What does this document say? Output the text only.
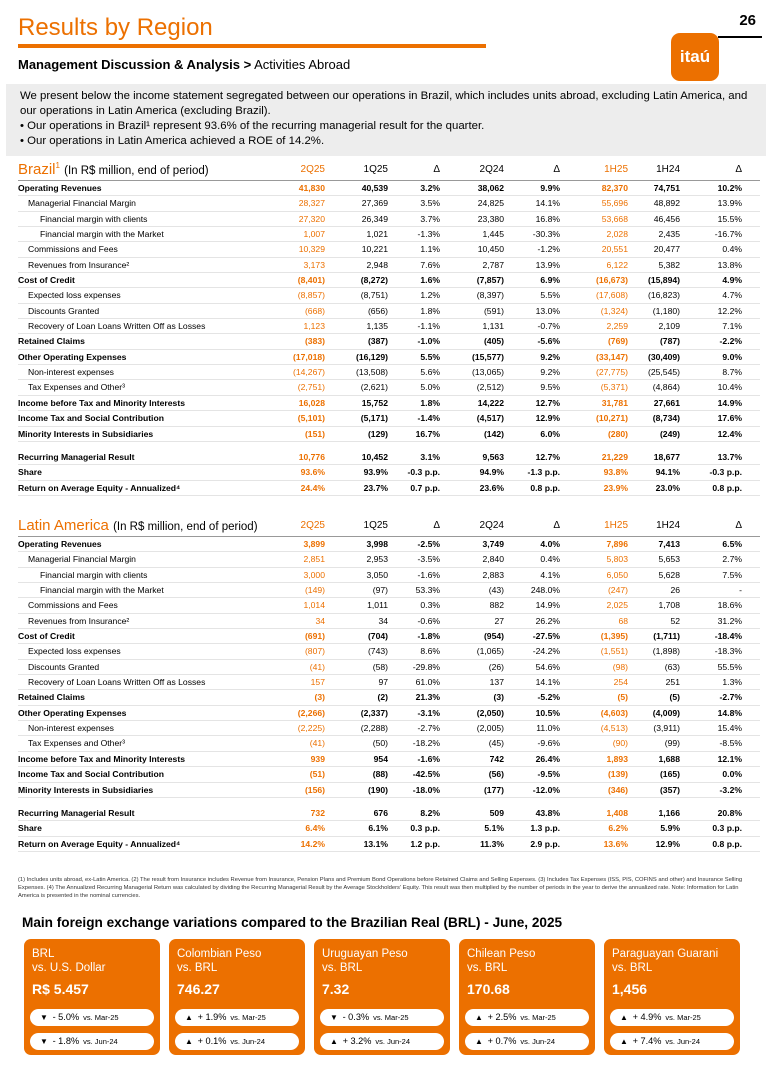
Results by Region	26
itaú
Management Discussion & Analysis > Activities Abroad
We present below the income statement segregated between our operations in Brazil, which includes units abroad, excluding Latin America, and our operations in Latin America (excluding Brazil).
• Our operations in Brazil¹ represent 93.6% of the recurring managerial result for the quarter.
• Our operations in Latin America achieved a ROE of 14.2%.
Brazil$^1$ (In R$ million, end of period)	2Q25	1Q25	Δ	2Q24	Δ	1H25	1H24	Δ
Operating Revenues	41,830	40,539	3.2%	38,062	9.9%	82,370	74,751	10.2%
Managerial Financial Margin	28,327	27,369	3.5%	24,825	14.1%	55,696	48,892	13.9%
Financial margin with clients	27,320	26,349	3.7%	23,380	16.8%	53,668	46,456	15.5%
Financial margin with the Market	1,007	1,021	-1.3%	1,445	-30.3%	2,028	2,435	-16.7%
Commissions and Fees	10,329	10,221	1.1%	10,450	-1.2%	20,551	20,477	0.4%
Revenues from Insurance²	3,173	2,948	7.6%	2,787	13.9%	6,122	5,382	13.8%
Cost of Credit	(8,401)	(8,272)	1.6%	(7,857)	6.9%	(16,673)	(15,894)	4.9%
Expected loss expenses	(8,857)	(8,751)	1.2%	(8,397)	5.5%	(17,608)	(16,823)	4.7%
Discounts Granted	(668)	(656)	1.8%	(591)	13.0%	(1,324)	(1,180)	12.2%
Recovery of Loan Loans Written Off as Losses	1,123	1,135	-1.1%	1,131	-0.7%	2,259	2,109	7.1%
Retained Claims	(383)	(387)	-1.0%	(405)	-5.6%	(769)	(787)	-2.2%
Other Operating Expenses	(17,018)	(16,129)	5.5%	(15,577)	9.2%	(33,147)	(30,409)	9.0%
Non-interest expenses	(14,267)	(13,508)	5.6%	(13,065)	9.2%	(27,775)	(25,545)	8.7%
Tax Expenses and Other³	(2,751)	(2,621)	5.0%	(2,512)	9.5%	(5,371)	(4,864)	10.4%
Income before Tax and Minority Interests	16,028	15,752	1.8%	14,222	12.7%	31,781	27,661	14.9%
Income Tax and Social Contribution	(5,101)	(5,171)	-1.4%	(4,517)	12.9%	(10,271)	(8,734)	17.6%
Minority Interests in Subsidiaries	(151)	(129)	16.7%	(142)	6.0%	(280)	(249)	12.4%
Recurring Managerial Result	10,776	10,452	3.1%	9,563	12.7%	21,229	18,677	13.7%
Share	93.6%	93.9%	-0.3 p.p.	94.9%	-1.3 p.p.	93.8%	94.1%	-0.3 p.p.
Return on Average Equity - Annualized⁴	24.4%	23.7%	0.7 p.p.	23.6%	0.8 p.p.	23.9%	23.0%	0.8 p.p.
Latin America (In R$ million, end of period)	2Q25	1Q25	Δ	2Q24	Δ	1H25	1H24	Δ
Operating Revenues	3,899	3,998	-2.5%	3,749	4.0%	7,896	7,413	6.5%
Managerial Financial Margin	2,851	2,953	-3.5%	2,840	0.4%	5,803	5,653	2.7%
Financial margin with clients	3,000	3,050	-1.6%	2,883	4.1%	6,050	5,628	7.5%
Financial margin with the Market	(149)	(97)	53.3%	(43)	248.0%	(247)	26	-
Commissions and Fees	1,014	1,011	0.3%	882	14.9%	2,025	1,708	18.6%
Revenues from Insurance²	34	34	-0.6%	27	26.2%	68	52	31.2%
Cost of Credit	(691)	(704)	-1.8%	(954)	-27.5%	(1,395)	(1,711)	-18.4%
Expected loss expenses	(807)	(743)	8.6%	(1,065)	-24.2%	(1,551)	(1,898)	-18.3%
Discounts Granted	(41)	(58)	-29.8%	(26)	54.6%	(98)	(63)	55.5%
Recovery of Loan Loans Written Off as Losses	157	97	61.0%	137	14.1%	254	251	1.3%
Retained Claims	(3)	(2)	21.3%	(3)	-5.2%	(5)	(5)	-2.7%
Other Operating Expenses	(2,266)	(2,337)	-3.1%	(2,050)	10.5%	(4,603)	(4,009)	14.8%
Non-interest expenses	(2,225)	(2,288)	-2.7%	(2,005)	11.0%	(4,513)	(3,911)	15.4%
Tax Expenses and Other³	(41)	(50)	-18.2%	(45)	-9.6%	(90)	(99)	-8.5%
Income before Tax and Minority Interests	939	954	-1.6%	742	26.4%	1,893	1,688	12.1%
Income Tax and Social Contribution	(51)	(88)	-42.5%	(56)	-9.5%	(139)	(165)	0.0%
Minority Interests in Subsidiaries	(156)	(190)	-18.0%	(177)	-12.0%	(346)	(357)	-3.2%
Recurring Managerial Result	732	676	8.2%	509	43.8%	1,408	1,166	20.8%
Share	6.4%	6.1%	0.3 p.p.	5.1%	1.3 p.p.	6.2%	5.9%	0.3 p.p.
Return on Average Equity - Annualized⁴	14.2%	13.1%	1.2 p.p.	11.3%	2.9 p.p.	13.6%	12.9%	0.8 p.p.
(1) Includes units abroad, ex-Latin America. (2) The result from Insurance includes Revenue from Insurance, Pension Plans and Premium Bond Operations before Retained Claims and Selling Expenses. (3) Includes Tax Expenses (ISS, PIS, COFINS and other) and Insurance Selling Expenses. (4) The Annualized Recurring Managerial Return was calculated by dividing the Recurring Managerial Result by the Average Stockholders' Equity. This result was then multiplied by the number of periods in the year to derive the annualized rate. Note: Information for Latin America is presented in the nominal currencies.
Main foreign exchange variations compared to the Brazilian Real (BRL) - June, 2025
BRL
vs. U.S. Dollar
R$ 5.457
▼ - 5.0% vs. Mar-25
▼ - 1.8% vs. Jun-24
Colombian Peso
vs. BRL
746.27
▲ + 1.9% vs. Mar-25
▲ + 0.1% vs. Jun-24
Uruguayan Peso
vs. BRL
7.32
▼ - 0.3% vs. Mar-25
▲ + 3.2% vs. Jun-24
Chilean Peso
vs. BRL
170.68
▲ + 2.5% vs. Mar-25
▲ + 0.7% vs. Jun-24
Paraguayan Guarani
vs. BRL
1,456
▲ + 4.9% vs. Mar-25
▲ + 7.4% vs. Jun-24
